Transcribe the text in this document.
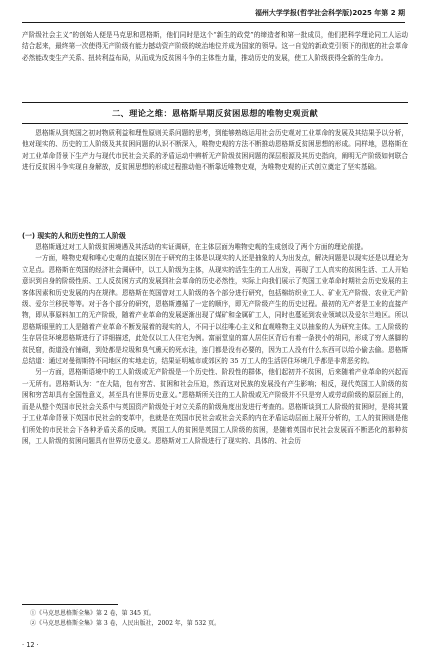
福州大学学报(哲学社会科学版)2025 年第 2 期

产阶级社会主义”的创始人便是马克思和恩格斯，他们同时是这个“新生的政党”的缔造者和第一批成员，他们把科学理论同工人运动结合起来，最终第一次使得无产阶级有能力撼动资产阶级的统治地位并成为国家的领导。这一自觉的新政党引领下的彻底的社会革命必然能改变生产关系、扭转利益布局，从而成为反贫困斗争的主体性力量，推动历史的发展，使工人阶级获得全新的生命力。

二、理论之维：恩格斯早期反贫困思想的唯物史观贡献

恩格斯从到英国之初对物质利益和理性原则关系问题的思考，到能够熟练运用社会历史观对工业革命的发展及其结果予以分析，他对现实的、历史的工人阶级及其贫困问题的认识不断深入，唯物史观的方法不断推动恩格斯反贫困思想的形成。同样地，恩格斯在对工业革命背景下生产力与现代市民社会关系的矛盾运动中辨析无产阶级贫困问题的深层根源及其历史指向，阐明无产阶级如何联合进行反贫困斗争实现自身解放，反贫困思想的形成过程推动他不断靠近唯物史观，为唯物史观的正式创立奠定了坚实基础。

(一) 现实的人和历史性的工人阶级

恩格斯通过对工人阶级贫困境遇及其活动的实证调研，在主体层面为唯物史观的生成创设了两个方面的理论前提。

一方面，唯物史观和唯心史观的直接区别在于研究的主体是以现实的人还是抽象的人为出发点，解决问题是以现实还是以理论为立足点。恩格斯在英国的经济社会调研中，以工人阶级为主体，从现实的活生生的工人出发，再现了工人真实的贫困生活、工人开始意识到自身的阶级性质、工人反贫困方式的发展到社会革命的历史必然性，实际上向我们展示了英国工业革命时期社会历史发展的主客体因素和历史发展的内在规律。恩格斯在英国曾对工人阶级的各个部分进行研究，包括棉纺织业工人、矿业无产阶级、农业无产阶级、爱尔兰移民等等。对于各个部分的研究，恩格斯遵循了一定的顺序，即无产阶级产生的历史过程。最初的无产者是工业的直接产物，即从事原料加工的无产阶级，随着产业革命的发展逐渐出现了煤矿和金属矿工人，同时也蔓延到农业领域以及爱尔兰地区。所以恩格斯眼里的工人是随着产业革命不断发展着的现实的人，不同于以往唯心主义和直观唯物主义以抽象的人为研究主体。工人阶级的生存居住环境恩格斯进行了详细描述，此处仅以工人住宅为例。富丽堂皇的富人居住区背后有着一条狭小的胡同，形成了穷人落脚的贫民窟，街道没有铺砌，到处都是垃圾和臭气熏天的死水洼，连门都是没有必要的，因为工人没有什么东西可以给小偷去偷。恩格斯总结道：通过对曼彻斯特不同地区的实地走访，结果证明城市或郊区的 35 万工人的生活居住环境几乎都是非常恶劣的。

另一方面，恩格斯语境中的工人阶级或无产阶级是一个历史性、阶段性的群体，他们起初并不贫困，后来随着产业革命的兴起而一无所有。恩格斯认为：“在大陆，包有穷苦、贫困和社会压迫，然而这对民族的发展没有产生影响；相反，现代英国工人阶级的贫困和穷苦却具有全国性意义，甚至具有世界历史意义。”恩格斯所关注的工人阶级或无产阶级并不只是穷人或劳动阶级的原层面上的，而是从整个英国市民社会关系中与英国资产阶级处于对立关系的阶级角度出发进行考查的。恩格斯谈到工人阶级的贫困时，是将其置于工业革命背景下英国市民社会的变革中，也就是在英国市民社会或社会关系的内在矛盾运动层面上展开分析的，工人的贫困则是他们所处的市民社会下各种矛盾关系的反映。英国工人的贫困是英国工人阶级的贫困，是随着英国市民社会发展而不断恶化的那种贫困，工人阶级的贫困问题具有世界历史意义。恩格斯对工人阶级进行了现实的、具体的、社会历

①《马克思恩格斯全集》第 2 卷，第 345 页。
②《马克思恩格斯全集》第 3 卷，人民出版社，2002 年，第 532 页。
· 12 ·
